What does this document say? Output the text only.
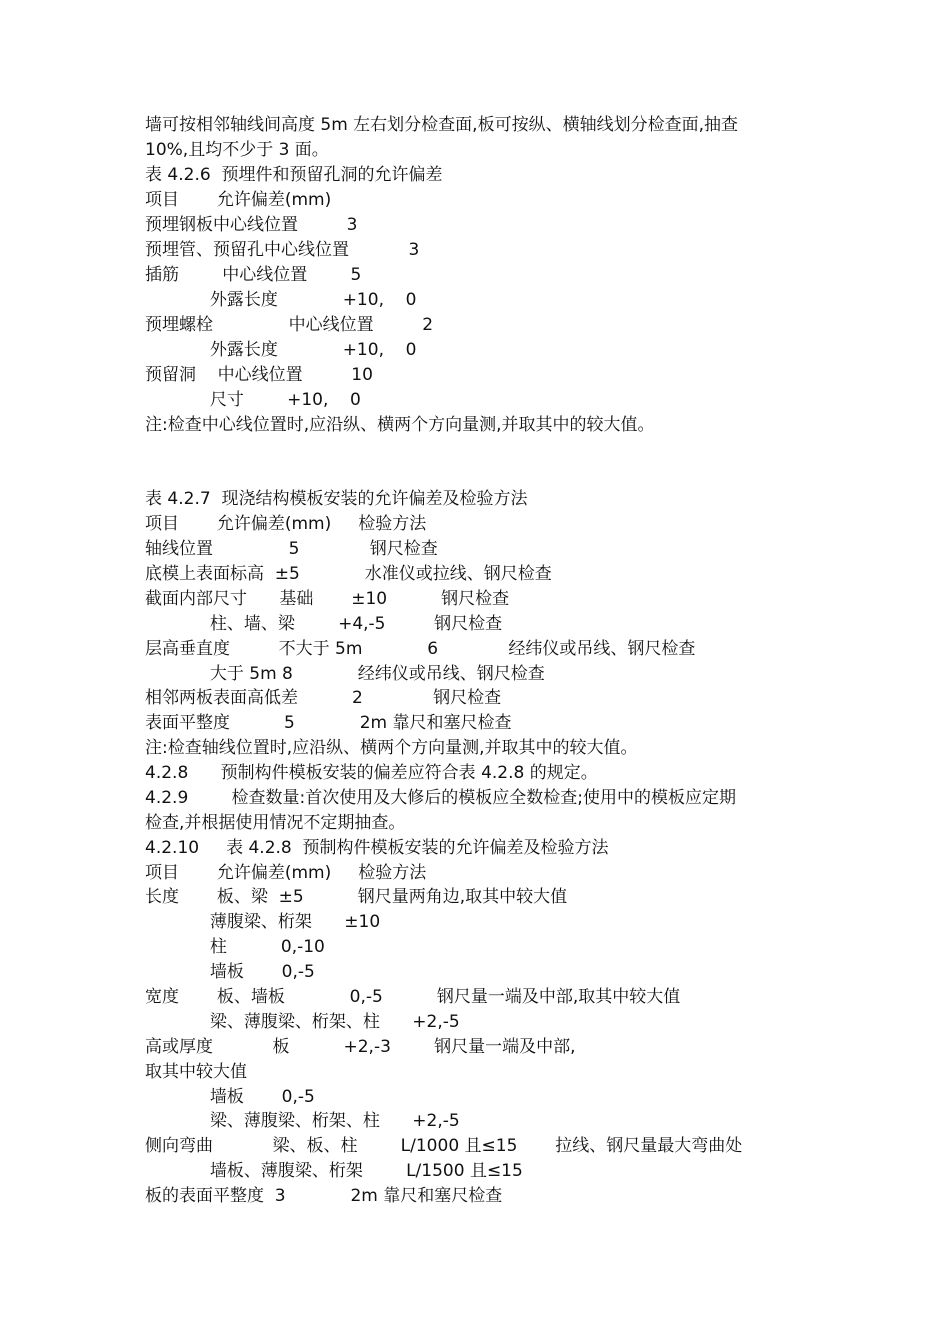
墙可按相邻轴线间高度 5m 左右划分检查面,板可按纵、横轴线划分检查面,抽查
10%,且均不少于 3 面。
表 4.2.6  预埋件和预留孔洞的允许偏差
项目       允许偏差(mm)
预埋钢板中心线位置         3
预埋管、预留孔中心线位置           3
插筋        中心线位置        5
外露长度            +10,    0
预埋螺栓              中心线位置         2
外露长度            +10,    0
预留洞    中心线位置         10
尺寸        +10,    0
注:检查中心线位置时,应沿纵、横两个方向量测,并取其中的较大值。
表 4.2.7  现浇结构模板安装的允许偏差及检验方法
项目       允许偏差(mm)     检验方法
轴线位置              5             钢尺检查
底模上表面标高  ±5            水准仪或拉线、钢尺检查
截面内部尺寸      基础       ±10          钢尺检查
柱、墙、梁        +4,-5         钢尺检查
层高垂直度         不大于 5m            6             经纬仪或吊线、钢尺检查
大于 5m 8            经纬仪或吊线、钢尺检查
相邻两板表面高低差          2             钢尺检查
表面平整度          5            2m 靠尺和塞尺检查
注:检查轴线位置时,应沿纵、横两个方向量测,并取其中的较大值。
4.2.8      预制构件模板安装的偏差应符合表 4.2.8 的规定。
4.2.9        检查数量:首次使用及大修后的模板应全数检查;使用中的模板应定期
检查,并根据使用情况不定期抽查。
4.2.10     表 4.2.8  预制构件模板安装的允许偏差及检验方法
项目       允许偏差(mm)     检验方法
长度       板、梁  ±5          钢尺量两角边,取其中较大值
薄腹梁、桁架      ±10
柱          0,-10
墙板       0,-5
宽度       板、墙板            0,-5          钢尺量一端及中部,取其中较大值
梁、薄腹梁、桁架、柱      +2,-5
高或厚度           板          +2,-3        钢尺量一端及中部,
取其中较大值
墙板       0,-5
梁、薄腹梁、桁架、柱      +2,-5
侧向弯曲           梁、板、柱        L/1000 且≤15       拉线、钢尺量最大弯曲处
墙板、薄腹梁、桁架        L/1500 且≤15
板的表面平整度  3            2m 靠尺和塞尺检查
